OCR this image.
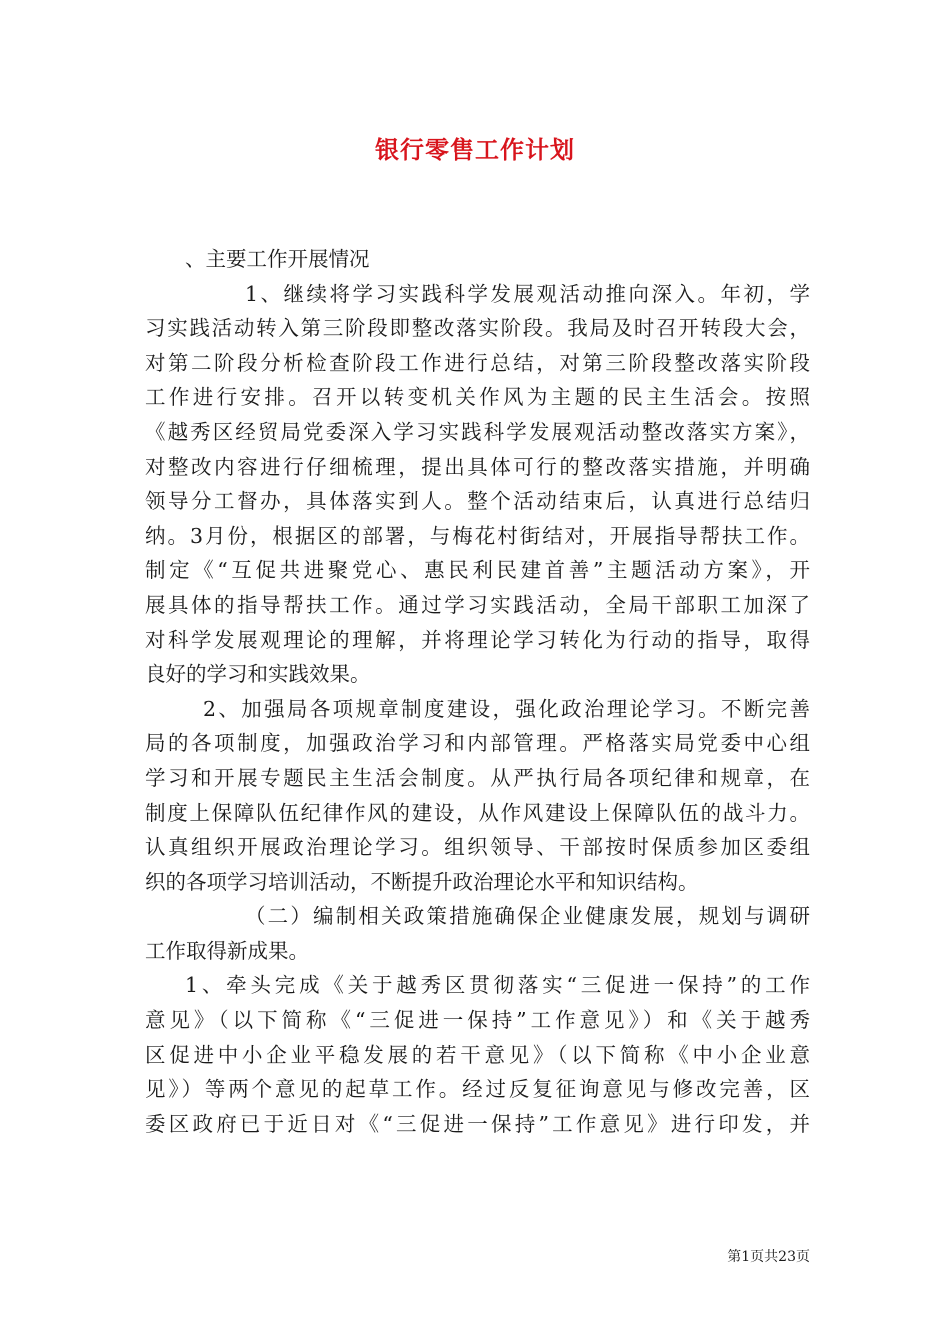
银行零售工作计划
、主要工作开展情况
1、继续将学习实践科学发展观活动推向深入。年初，学
习实践活动转入第三阶段即整改落实阶段。我局及时召开转段大会，
对第二阶段分析检查阶段工作进行总结，对第三阶段整改落实阶段
工作进行安排。召开以转变机关作风为主题的民主生活会。按照
《越秀区经贸局党委深入学习实践科学发展观活动整改落实方案》，
对整改内容进行仔细梳理，提出具体可行的整改落实措施，并明确
领导分工督办，具体落实到人。整个活动结束后，认真进行总结归
纳。3月份，根据区的部署，与梅花村街结对，开展指导帮扶工作。
制定《“互促共进聚党心、惠民利民建首善”主题活动方案》，开
展具体的指导帮扶工作。通过学习实践活动，全局干部职工加深了
对科学发展观理论的理解，并将理论学习转化为行动的指导，取得
良好的学习和实践效果。
2、加强局各项规章制度建设，强化政治理论学习。不断完善
局的各项制度，加强政治学习和内部管理。严格落实局党委中心组
学习和开展专题民主生活会制度。从严执行局各项纪律和规章，在
制度上保障队伍纪律作风的建设，从作风建设上保障队伍的战斗力。
认真组织开展政治理论学习。组织领导、干部按时保质参加区委组
织的各项学习培训活动，不断提升政治理论水平和知识结构。
（二）编制相关政策措施确保企业健康发展，规划与调研
工作取得新成果。
1、牵头完成《关于越秀区贯彻落实“三促进一保持”的工作
意见》（以下简称《“三促进一保持”工作意见》）和《关于越秀
区促进中小企业平稳发展的若干意见》（以下简称《中小企业意
见》）等两个意见的起草工作。经过反复征询意见与修改完善，区
委区政府已于近日对《“三促进一保持”工作意见》进行印发，并
第1页共23页
